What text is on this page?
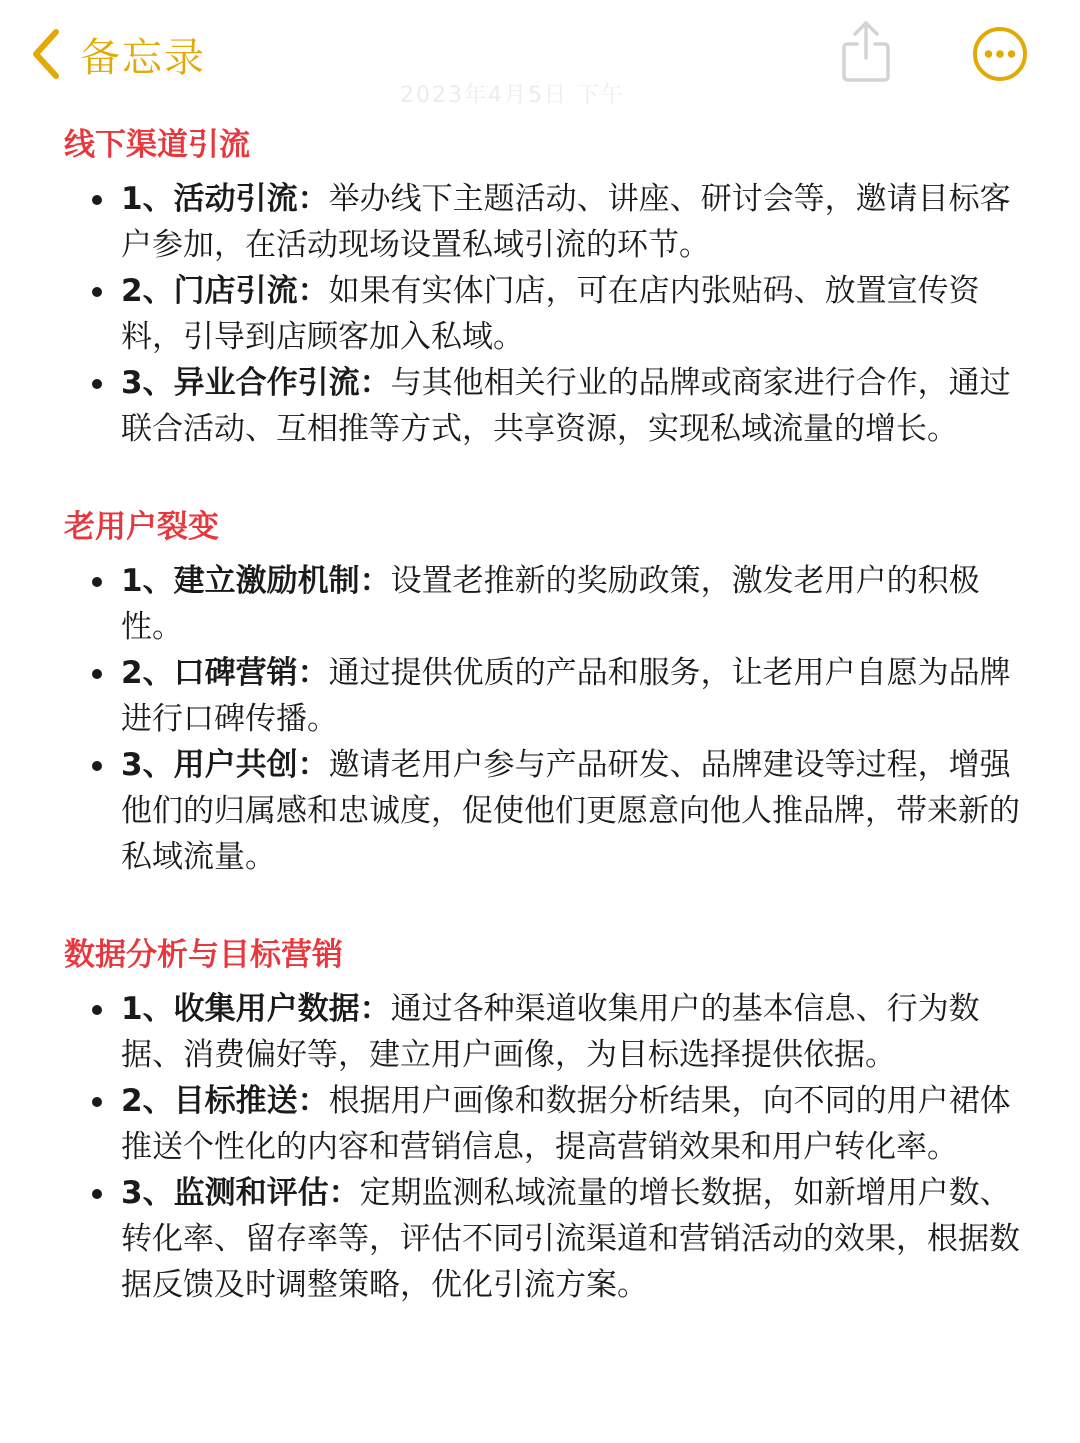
备忘录
2023年4月5日 下午
线下渠道引流
1、活动引流：举办线下主题活动、讲座、研讨会等，邀请目标客户参加，在活动现场设置私域引流的环节。
2、门店引流：如果有实体门店，可在店内张贴码、放置宣传资料，引导到店顾客加入私域。
3、异业合作引流：与其他相关行业的品牌或商家进行合作，通过联合活动、互相推等方式，共享资源，实现私域流量的增长。
老用户裂变
1、建立激励机制：设置老推新的奖励政策，激发老用户的积极性。
2、口碑营销：通过提供优质的产品和服务，让老用户自愿为品牌进行口碑传播。
3、用户共创：邀请老用户参与产品研发、品牌建设等过程，增强他们的归属感和忠诚度，促使他们更愿意向他人推品牌，带来新的私域流量。
数据分析与目标营销
1、收集用户数据：通过各种渠道收集用户的基本信息、行为数据、消费偏好等，建立用户画像，为目标选择提供依据。
2、目标推送：根据用户画像和数据分析结果，向不同的用户裙体推送个性化的内容和营销信息，提高营销效果和用户转化率。
3、监测和评估：定期监测私域流量的增长数据，如新增用户数、转化率、留存率等，评估不同引流渠道和营销活动的效果，根据数据反馈及时调整策略，优化引流方案。
